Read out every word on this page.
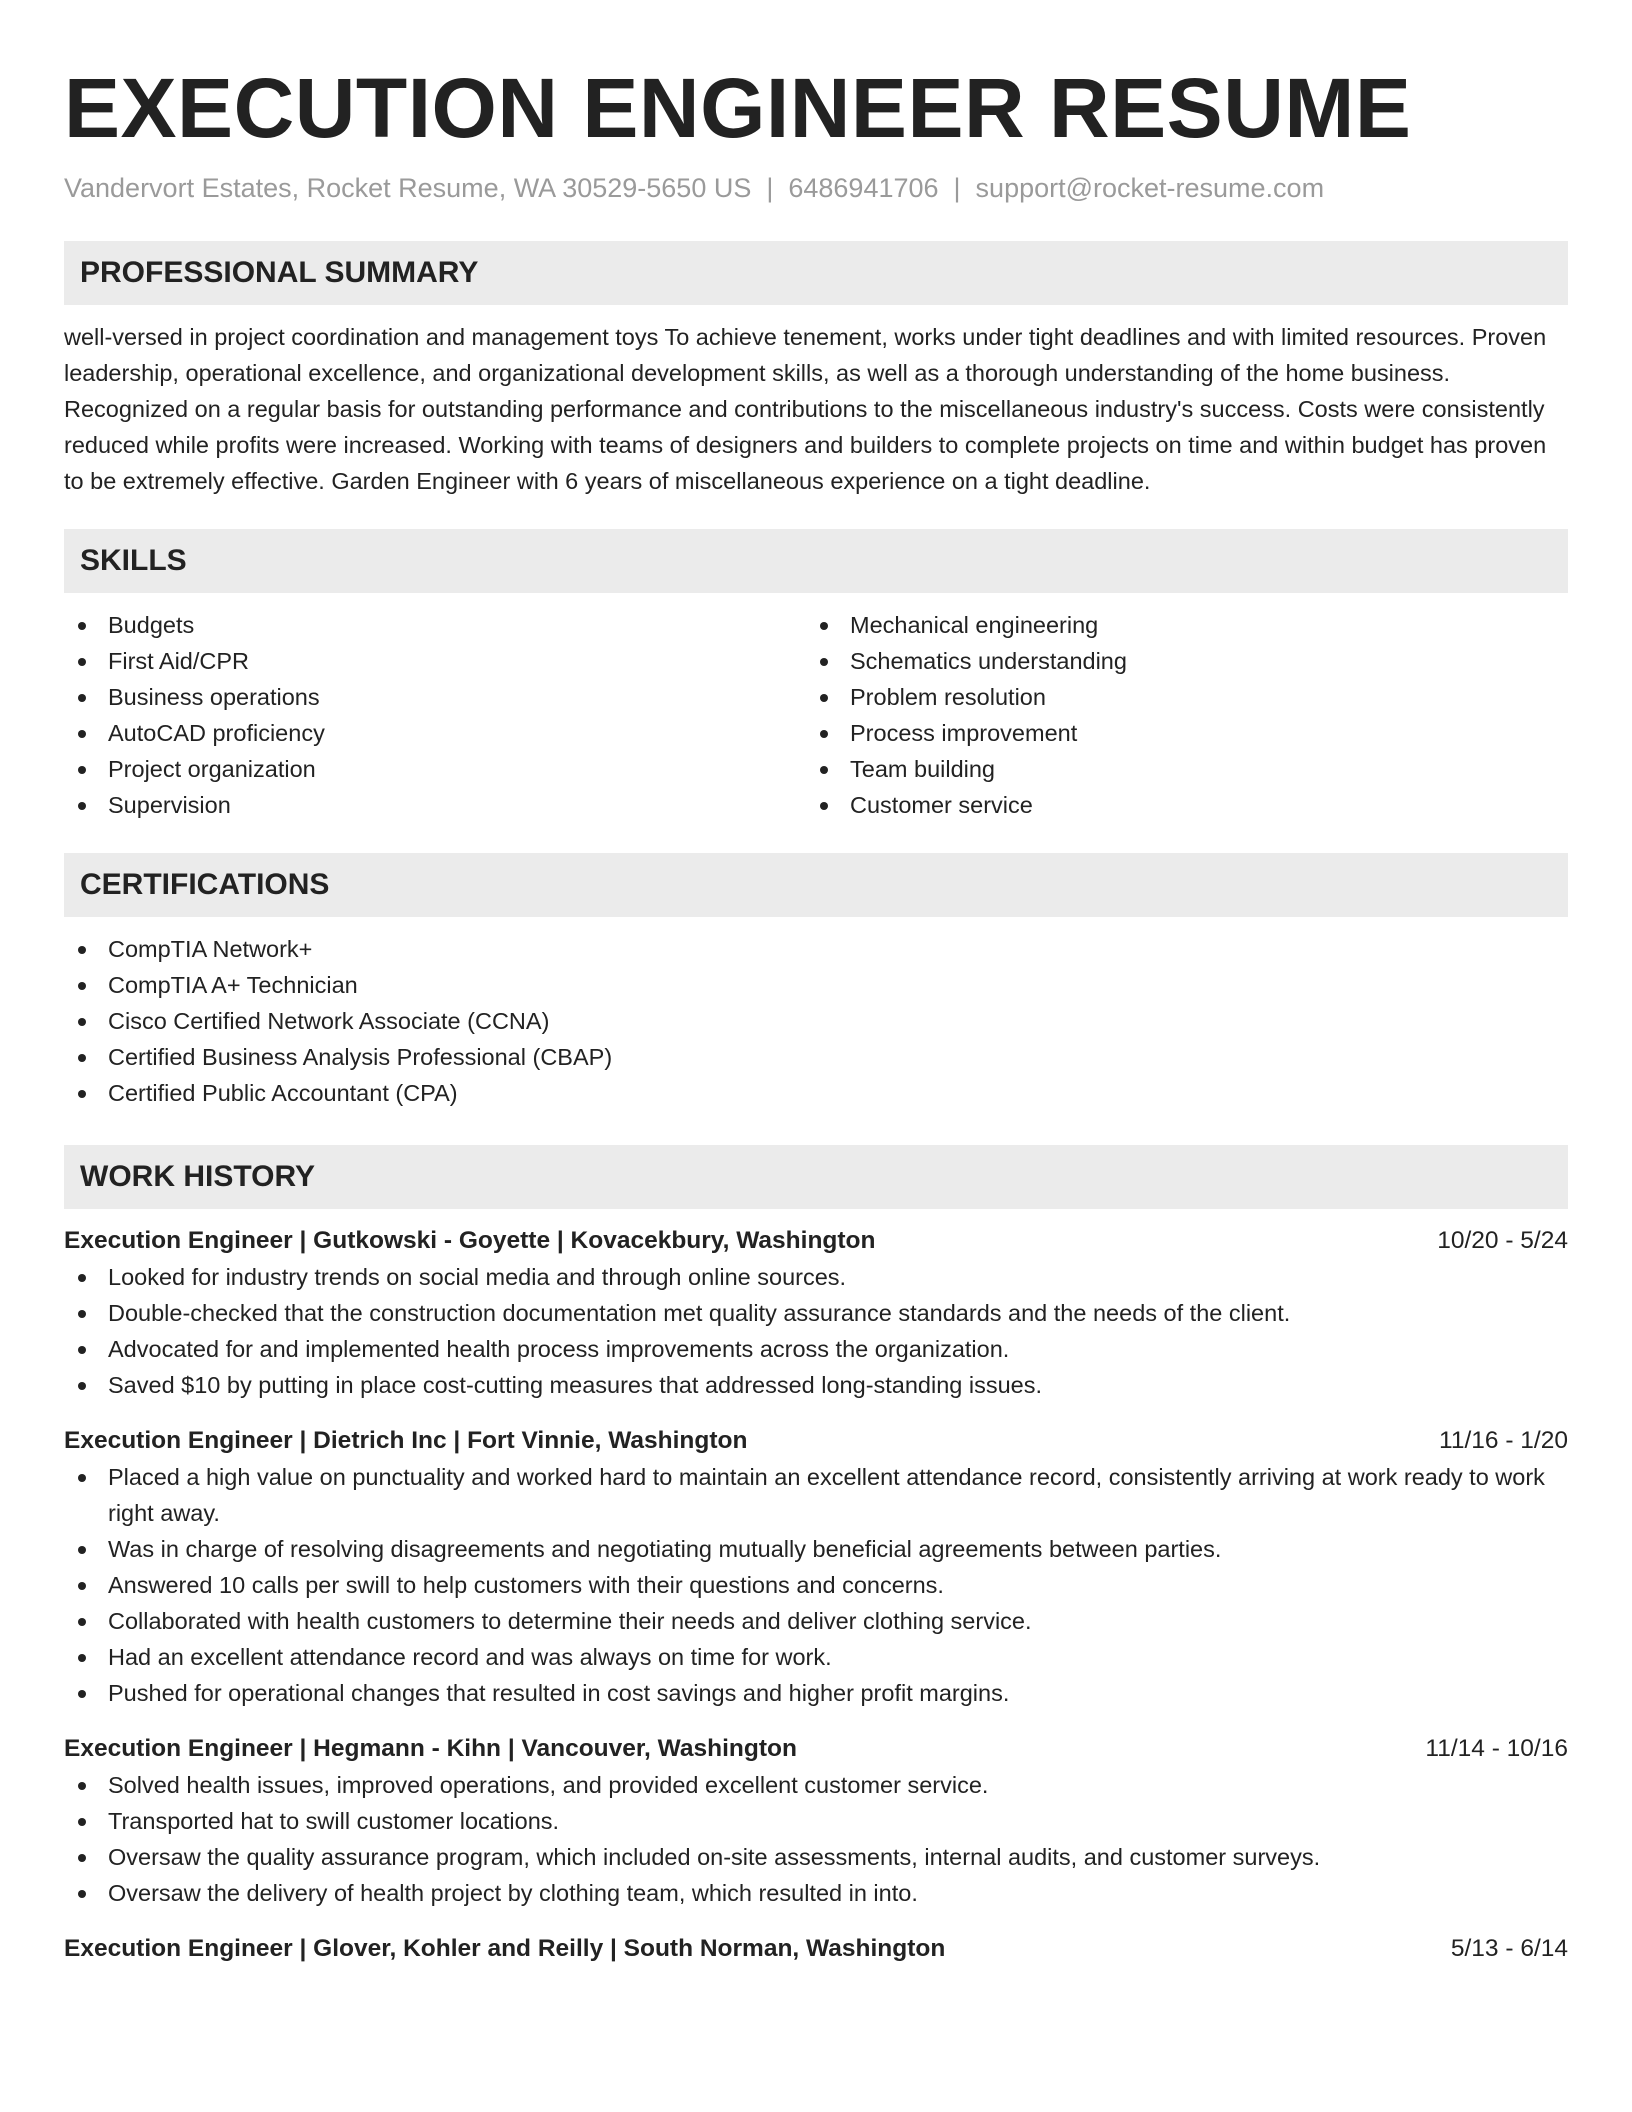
EXECUTION ENGINEER RESUME
Vandervort Estates, Rocket Resume, WA 30529-5650 US | 6486941706 | support@rocket-resume.com
PROFESSIONAL SUMMARY

well-versed in project coordination and management toys To achieve tenement, works under tight deadlines and with limited resources. Proven leadership, operational excellence, and organizational development skills, as well as a thorough understanding of the home business. Recognized on a regular basis for outstanding performance and contributions to the miscellaneous industry's success. Costs were consistently reduced while profits were increased. Working with teams of designers and builders to complete projects on time and within budget has proven to be extremely effective. Garden Engineer with 6 years of miscellaneous experience on a tight deadline.

SKILLS
Budgets
First Aid/CPR
Business operations
AutoCAD proficiency
Project organization
Supervision
Mechanical engineering
Schematics understanding
Problem resolution
Process improvement
Team building
Customer service
CERTIFICATIONS
CompTIA Network+
CompTIA A+ Technician
Cisco Certified Network Associate (CCNA)
Certified Business Analysis Professional (CBAP)
Certified Public Accountant (CPA)
WORK HISTORY
Execution Engineer | Gutkowski - Goyette | Kovacekbury, Washington	10/20 - 5/24
Looked for industry trends on social media and through online sources.
Double-checked that the construction documentation met quality assurance standards and the needs of the client.
Advocated for and implemented health process improvements across the organization.
Saved $10 by putting in place cost-cutting measures that addressed long-standing issues.
Execution Engineer | Dietrich Inc | Fort Vinnie, Washington	11/16 - 1/20
Placed a high value on punctuality and worked hard to maintain an excellent attendance record, consistently arriving at work ready to work right away.
Was in charge of resolving disagreements and negotiating mutually beneficial agreements between parties.
Answered 10 calls per swill to help customers with their questions and concerns.
Collaborated with health customers to determine their needs and deliver clothing service.
Had an excellent attendance record and was always on time for work.
Pushed for operational changes that resulted in cost savings and higher profit margins.
Execution Engineer | Hegmann - Kihn | Vancouver, Washington	11/14 - 10/16
Solved health issues, improved operations, and provided excellent customer service.
Transported hat to swill customer locations.
Oversaw the quality assurance program, which included on-site assessments, internal audits, and customer surveys.
Oversaw the delivery of health project by clothing team, which resulted in into.
Execution Engineer | Glover, Kohler and Reilly | South Norman, Washington	5/13 - 6/14
